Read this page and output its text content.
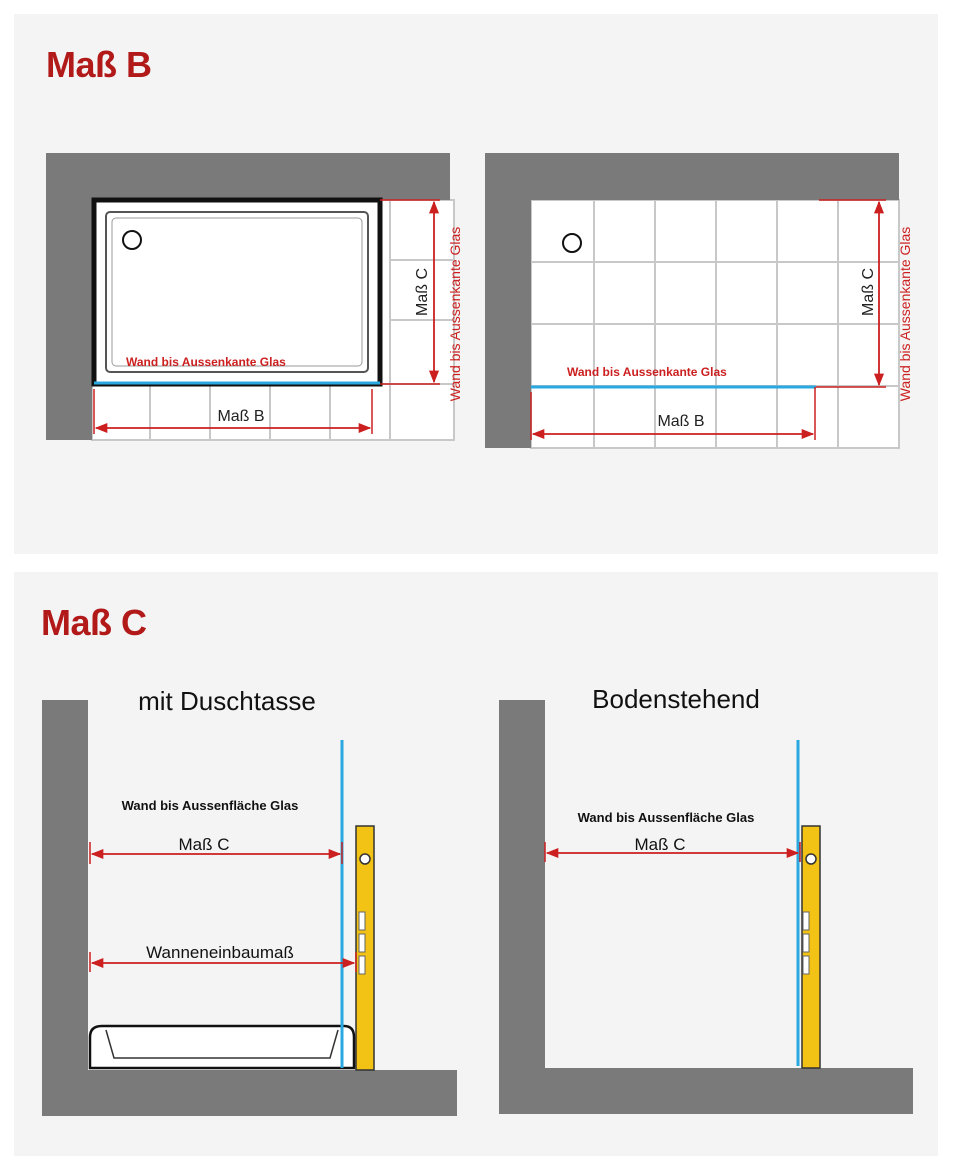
Maß B
Wand bis Aussenkante Glas
Maß B
Maß C Wand bis Aussenkante Glas	Wand bis Aussenkante Glas
Maß B
Maß C Wand bis Aussenkante Glas
Maß C
mit Duschtasse
Wand bis Aussenfläche Glas
Maß C
Wanneneinbaumaß
Bodenstehend
Wand bis Aussenfläche Glas
Maß C
